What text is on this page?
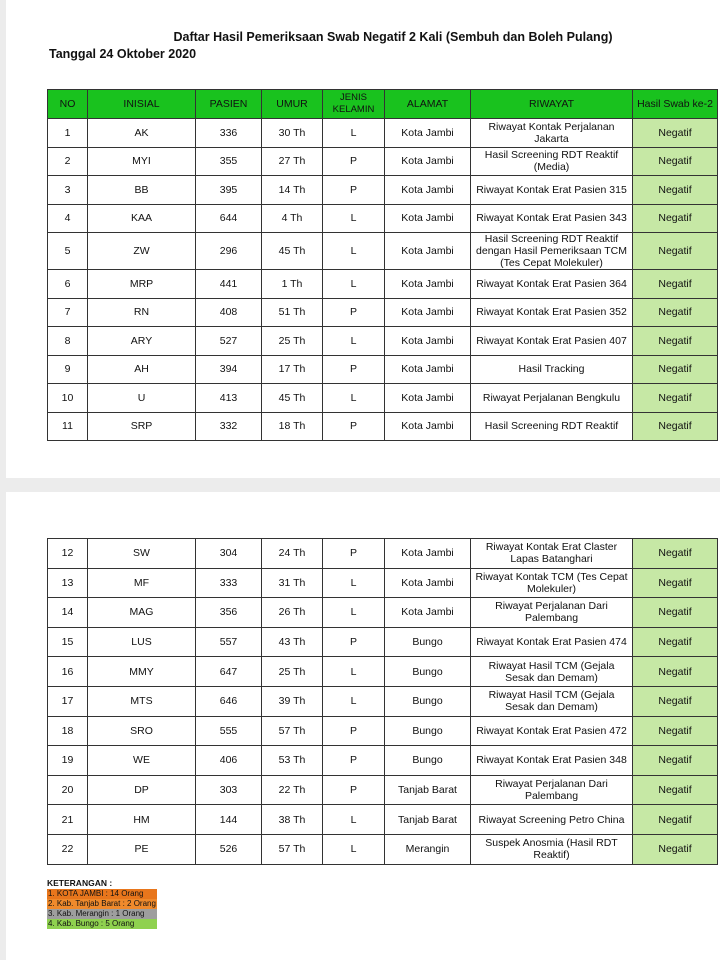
Daftar Hasil Pemeriksaan Swab Negatif 2 Kali (Sembuh dan Boleh Pulang)
Tanggal 24 Oktober 2020
NO	INISIAL	PASIEN	UMUR	JENIS KELAMIN	ALAMAT	RIWAYAT	Hasil Swab ke-2
1	AK	336	30 Th	L	Kota Jambi	Riwayat Kontak Perjalanan Jakarta	Negatif
2	MYI	355	27 Th	P	Kota Jambi	Hasil Screening RDT Reaktif (Media)	Negatif
3	BB	395	14 Th	P	Kota Jambi	Riwayat Kontak Erat Pasien 315	Negatif
4	KAA	644	4 Th	L	Kota Jambi	Riwayat Kontak Erat Pasien 343	Negatif
5	ZW	296	45 Th	L	Kota Jambi	Hasil Screening RDT Reaktif dengan Hasil Pemeriksaan TCM (Tes Cepat Molekuler)	Negatif
6	MRP	441	1 Th	L	Kota Jambi	Riwayat Kontak Erat Pasien 364	Negatif
7	RN	408	51 Th	P	Kota Jambi	Riwayat Kontak Erat Pasien 352	Negatif
8	ARY	527	25 Th	L	Kota Jambi	Riwayat Kontak Erat Pasien 407	Negatif
9	AH	394	17 Th	P	Kota Jambi	Hasil Tracking	Negatif
10	U	413	45 Th	L	Kota Jambi	Riwayat Perjalanan Bengkulu	Negatif
11	SRP	332	18 Th	P	Kota Jambi	Hasil Screening RDT Reaktif	Negatif
12	SW	304	24 Th	P	Kota Jambi	Riwayat Kontak Erat Claster Lapas Batanghari	Negatif
13	MF	333	31 Th	L	Kota Jambi	Riwayat Kontak TCM (Tes Cepat Molekuler)	Negatif
14	MAG	356	26 Th	L	Kota Jambi	Riwayat Perjalanan Dari Palembang	Negatif
15	LUS	557	43 Th	P	Bungo	Riwayat Kontak Erat Pasien 474	Negatif
16	MMY	647	25 Th	L	Bungo	Riwayat Hasil TCM (Gejala Sesak dan Demam)	Negatif
17	MTS	646	39 Th	L	Bungo	Riwayat Hasil TCM (Gejala Sesak dan Demam)	Negatif
18	SRO	555	57 Th	P	Bungo	Riwayat Kontak Erat Pasien 472	Negatif
19	WE	406	53 Th	P	Bungo	Riwayat Kontak Erat Pasien 348	Negatif
20	DP	303	22 Th	P	Tanjab Barat	Riwayat Perjalanan Dari Palembang	Negatif
21	HM	144	38 Th	L	Tanjab Barat	Riwayat Screening Petro China	Negatif
22	PE	526	57 Th	L	Merangin	Suspek Anosmia (Hasil RDT Reaktif)	Negatif
KETERANGAN :
1. KOTA JAMBI : 14 Orang
2. Kab. Tanjab Barat : 2 Orang
3. Kab. Merangin : 1 Orang
4. Kab. Bungo : 5 Orang
